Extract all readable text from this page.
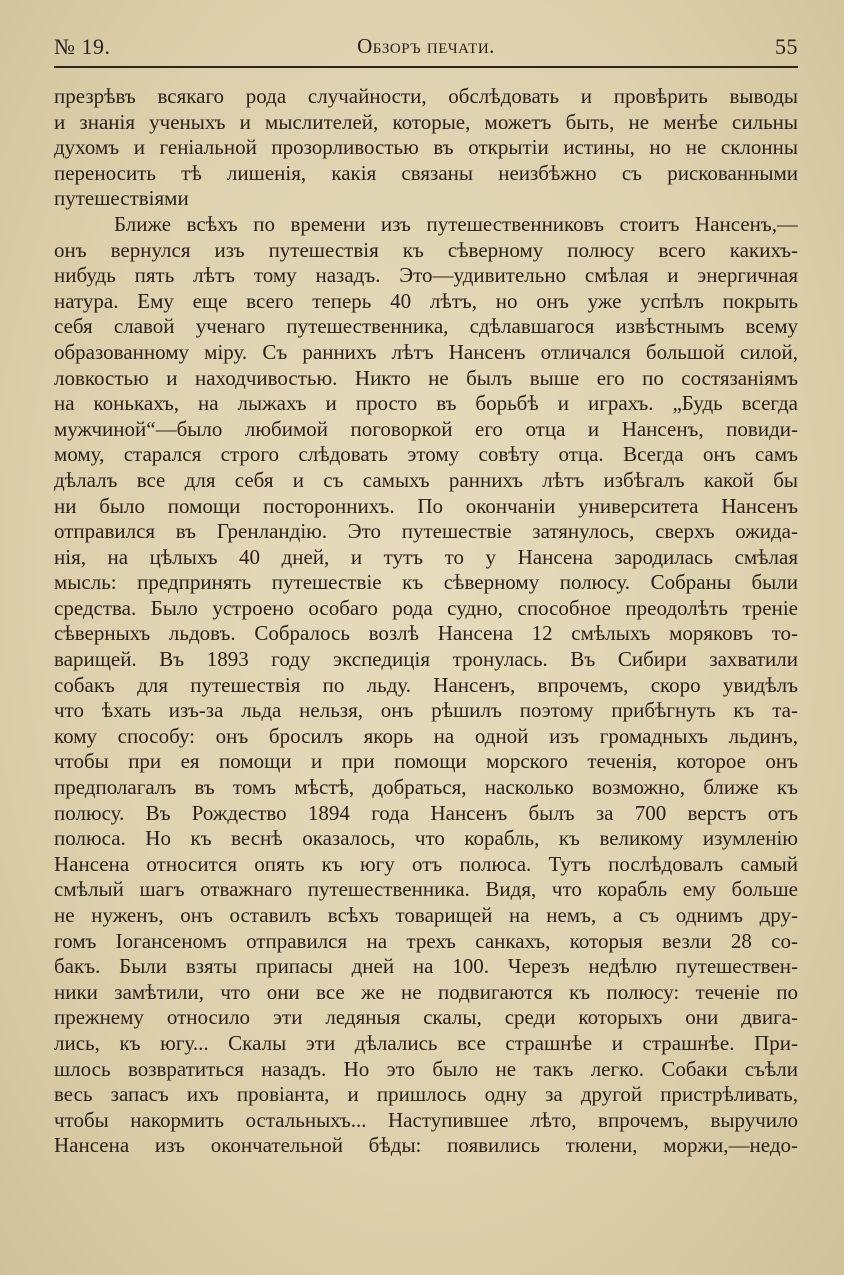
№ 19.	Обзоръ печати.	55
презрѣвъ всякаго рода случайности, обслѣдовать и провѣрить выводы
и знанія ученыхъ и мыслителей, которые, можетъ быть, не менѣе сильны
духомъ и геніальной прозорливостью въ открытіи истины, но не склонны
переносить тѣ лишенія, какія связаны неизбѣжно съ рискованными
путешествіями
Ближе всѣхъ по времени изъ путешественниковъ стоитъ Нансенъ,—
онъ вернулся изъ путешествія къ сѣверному полюсу всего какихъ-
нибудь пять лѣтъ тому назадъ. Это—удивительно смѣлая и энергичная
натура. Ему еще всего теперь 40 лѣтъ, но онъ уже успѣлъ покрыть
себя славой ученаго путешественника, сдѣлавшагося извѣстнымъ всему
образованному міру. Съ раннихъ лѣтъ Нансенъ отличался большой силой,
ловкостью и находчивостью. Никто не былъ выше его по состязаніямъ
на конькахъ, на лыжахъ и просто въ борьбѣ и играхъ. „Будь всегда
мужчиной“—было любимой поговоркой его отца и Нансенъ, повиди-
мому, старался строго слѣдовать этому совѣту отца. Всегда онъ самъ
дѣлалъ все для себя и съ самыхъ раннихъ лѣтъ избѣгалъ какой бы
ни было помощи постороннихъ. По окончаніи университета Нансенъ
отправился въ Гренландію. Это путешествіе затянулось, сверхъ ожида-
нія, на цѣлыхъ 40 дней, и тутъ то у Нансена зародилась смѣлая
мысль: предпринять путешествіе къ сѣверному полюсу. Собраны были
средства. Было устроено особаго рода судно, способное преодолѣть треніе
сѣверныхъ льдовъ. Собралось возлѣ Нансена 12 смѣлыхъ моряковъ то-
варищей. Въ 1893 году экспедиція тронулась. Въ Сибири захватили
собакъ для путешествія по льду. Нансенъ, впрочемъ, скоро увидѣлъ
что ѣхать изъ-за льда нельзя, онъ рѣшилъ поэтому прибѣгнуть къ та-
кому способу: онъ бросилъ якорь на одной изъ громадныхъ льдинъ,
чтобы при ея помощи и при помощи морского теченія, которое онъ
предполагалъ въ томъ мѣстѣ, добраться, насколько возможно, ближе къ
полюсу. Въ Рождество 1894 года Нансенъ былъ за 700 верстъ отъ
полюса. Но къ веснѣ оказалось, что корабль, къ великому изумленію
Нансена относится опять къ югу отъ полюса. Тутъ послѣдовалъ самый
смѣлый шагъ отважнаго путешественника. Видя, что корабль ему больше
не нуженъ, онъ оставилъ всѣхъ товарищей на немъ, а съ однимъ дру-
гомъ Іогансеномъ отправился на трехъ санкахъ, которыя везли 28 со-
бакъ. Были взяты припасы дней на 100. Черезъ недѣлю путешествен-
ники замѣтили, что они все же не подвигаются къ полюсу: теченіе по
прежнему относило эти ледяныя скалы, среди которыхъ они двига-
лись, къ югу... Скалы эти дѣлались все страшнѣе и страшнѣе. При-
шлось возвратиться назадъ. Но это было не такъ легко. Собаки съѣли
весь запасъ ихъ провіанта, и пришлось одну за другой пристрѣливать,
чтобы накормить остальныхъ... Наступившее лѣто, впрочемъ, выручило
Нансена изъ окончательной бѣды: появились тюлени, моржи,—недо-
